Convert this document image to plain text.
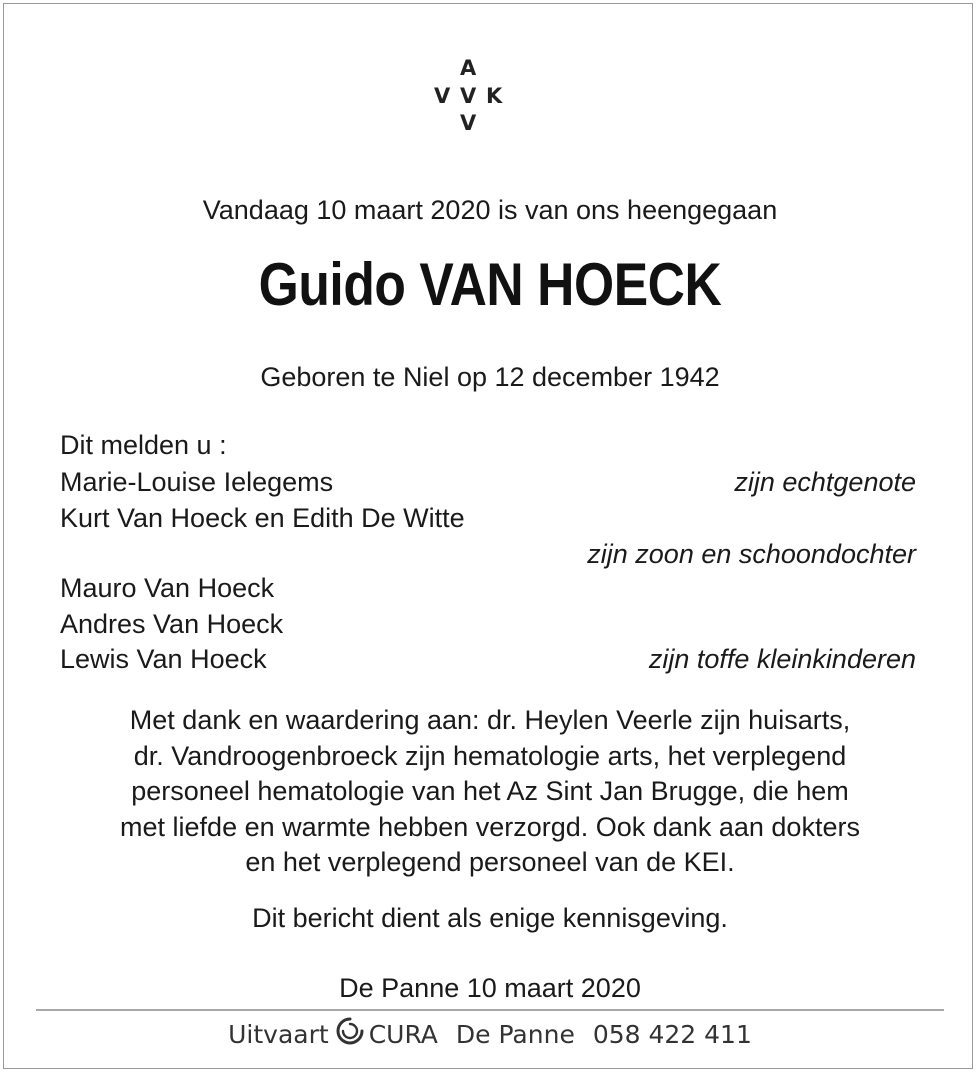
A
V V K
V
Vandaag 10 maart 2020 is van ons heengegaan
Guido VAN HOECK
Geboren te Niel op 12 december 1942
Dit melden u :
Marie-Louise Ielegems	zijn echtgenote
Kurt Van Hoeck en Edith De Witte
zijn zoon en schoondochter
Mauro Van Hoeck
Andres Van Hoeck
Lewis Van Hoeck	zijn toffe kleinkinderen
Met dank en waardering aan: dr. Heylen Veerle zijn huisarts,
dr. Vandroogenbroeck zijn hematologie arts, het verplegend
personeel hematologie van het Az Sint Jan Brugge, die hem
met liefde en warmte hebben verzorgd. Ook dank aan dokters
en het verplegend personeel van de KEI.
Dit bericht dient als enige kennisgeving.
De Panne 10 maart 2020
Uitvaart CURA De Panne 058 422 411
